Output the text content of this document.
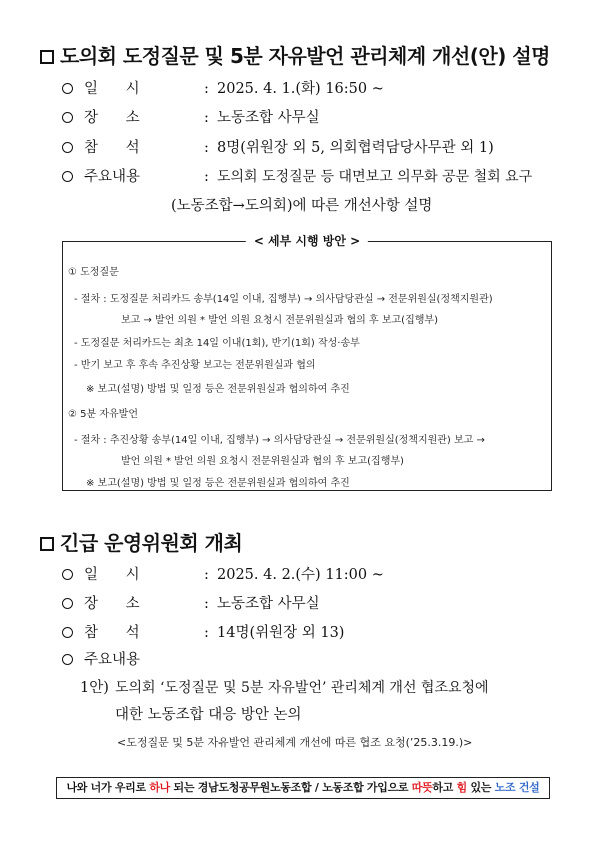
도의회 도정질문 및 5분 자유발언 관리체계 개선(안) 설명
일      시	: 2025. 4. 1.(화) 16:50 ~
장      소	: 노동조합 사무실
참      석	: 8명(위원장 외 5, 의회협력담당사무관 외 1)
주요내용	: 도의회 도정질문 등 대면보고 의무화 공문 철회 요구
(노동조합→도의회)에 따른 개선사항 설명
< 세부 시행 방안 >
① 도정질문
- 절차 : 도정질문 처리카드 송부(14일 이내, 집행부) → 의사담당관실 → 전문위원실(정책지원관)
보고 → 발언 의원 * 발언 의원 요청시 전문위원실과 협의 후 보고(집행부)
- 도정질문 처리카드는 최초 14일 이내(1회), 반기(1회) 작성·송부
- 반기 보고 후 후속 추진상황 보고는 전문위원실과 협의
※ 보고(설명) 방법 및 일정 등은 전문위원실과 협의하여 추진
② 5분 자유발언
- 절차 : 추진상황 송부(14일 이내, 집행부) → 의사담당관실 → 전문위원실(정책지원관) 보고 →
발언 의원 * 발언 의원 요청시 전문위원실과 협의 후 보고(집행부)
※ 보고(설명) 방법 및 일정 등은 전문위원실과 협의하여 추진
긴급 운영위원회 개최
일      시	: 2025. 4. 2.(수) 11:00 ~
장      소	: 노동조합 사무실
참      석	: 14명(위원장 외 13)
주요내용
1안) 도의회 ‘도정질문 및 5분 자유발언’ 관리체계 개선 협조요청에
대한 노동조합 대응 방안 논의
<도정질문 및 5분 자유발언 관리체계 개선에 따른 협조 요청(’25.3.19.)>
나와 너가 우리로 하나 되는 경남도청공무원노동조합 / 노동조합 가입으로 따뜻하고 힘 있는 노조 건설
